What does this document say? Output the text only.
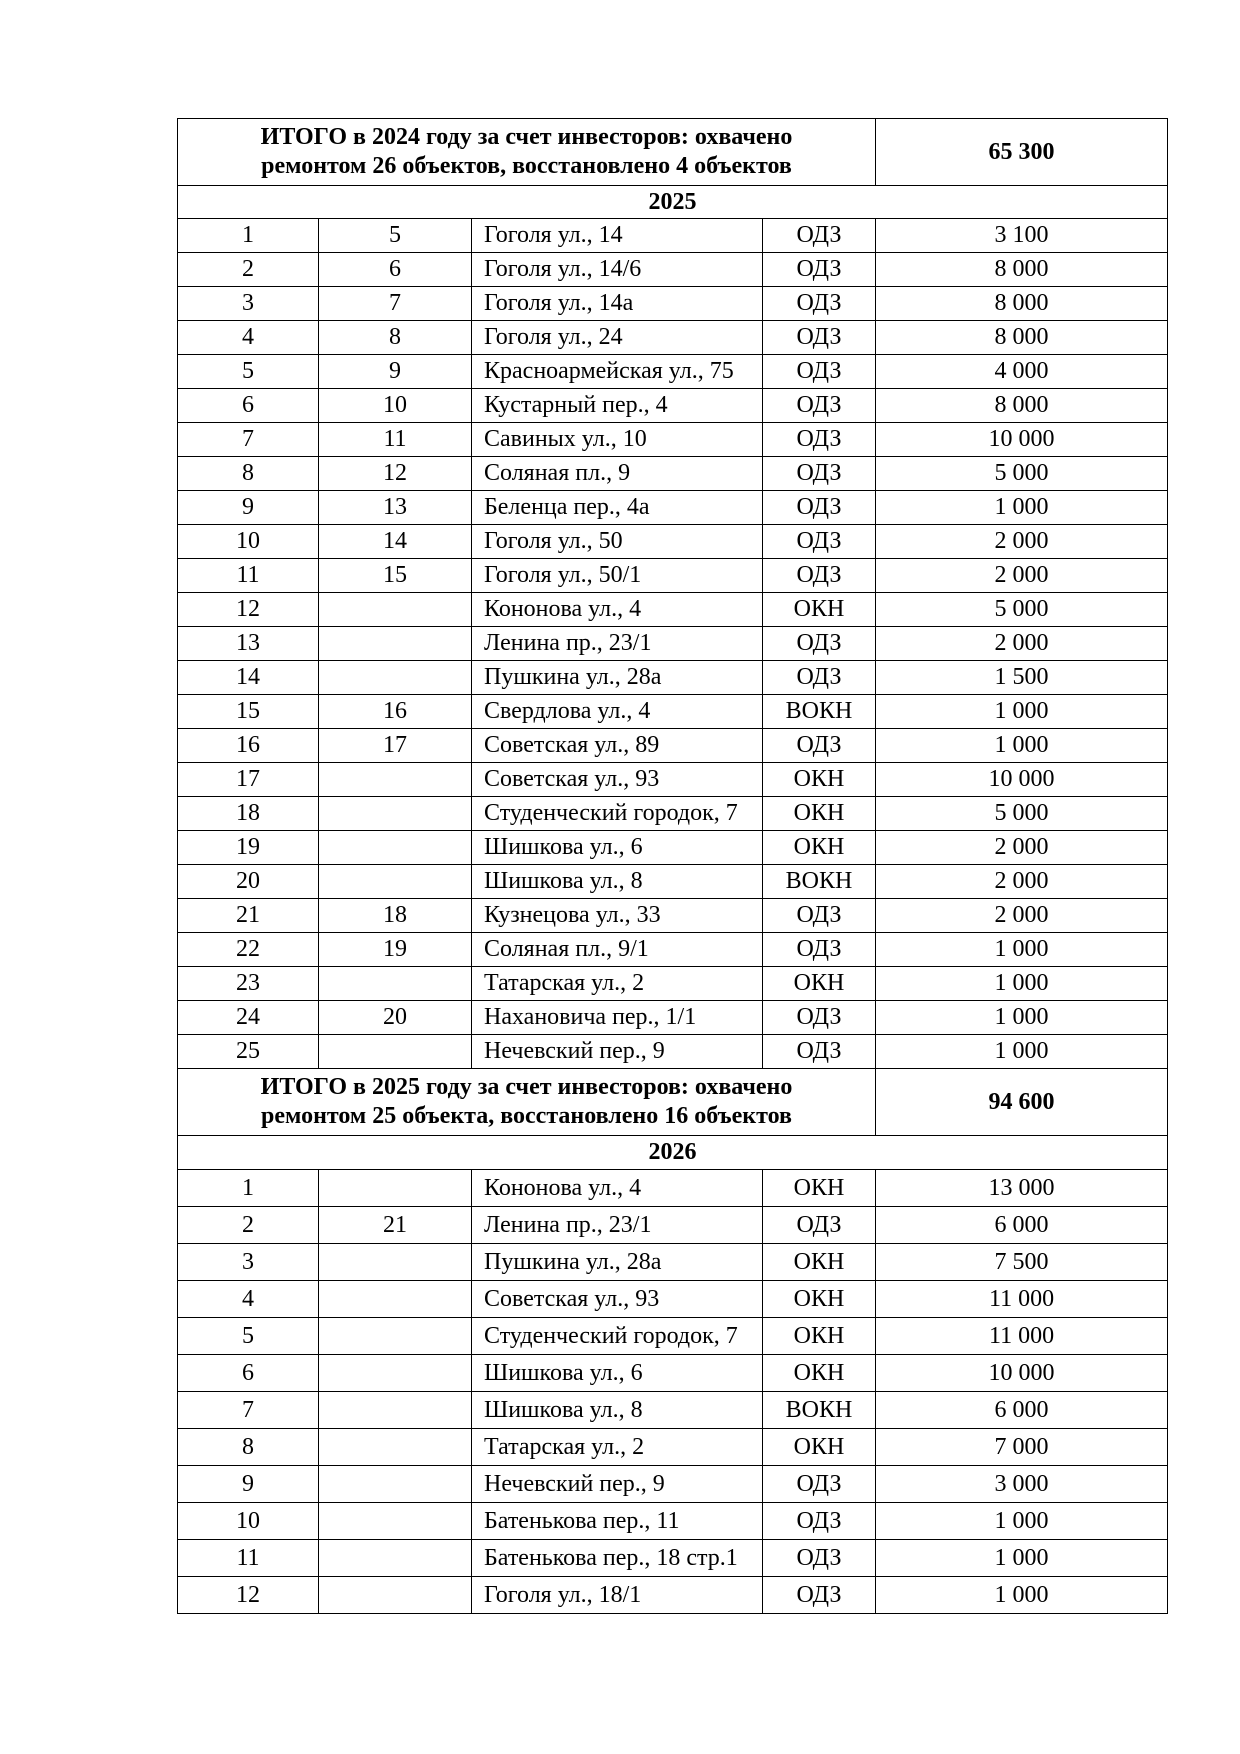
ИТОГО в 2024 году за счет инвесторов: охвачено ремонтом 26 объектов, восстановлено 4 объектов				65 300
2025				
1	5	Гоголя ул., 14	ОДЗ	3 100
2	6	Гоголя ул., 14/6	ОДЗ	8 000
3	7	Гоголя ул., 14а	ОДЗ	8 000
4	8	Гоголя ул., 24	ОДЗ	8 000
5	9	Красноармейская ул., 75	ОДЗ	4 000
6	10	Кустарный пер., 4	ОДЗ	8 000
7	11	Савиных ул., 10	ОДЗ	10 000
8	12	Соляная пл., 9	ОДЗ	5 000
9	13	Беленца пер., 4а	ОДЗ	1 000
10	14	Гоголя ул., 50	ОДЗ	2 000
11	15	Гоголя ул., 50/1	ОДЗ	2 000
12		Кононова ул., 4	ОКН	5 000
13		Ленина пр., 23/1	ОДЗ	2 000
14		Пушкина ул., 28а	ОДЗ	1 500
15	16	Свердлова ул., 4	ВОКН	1 000
16	17	Советская ул., 89	ОДЗ	1 000
17		Советская ул., 93	ОКН	10 000
18		Студенческий городок, 7	ОКН	5 000
19		Шишкова ул., 6	ОКН	2 000
20		Шишкова ул., 8	ВОКН	2 000
21	18	Кузнецова ул., 33	ОДЗ	2 000
22	19	Соляная пл., 9/1	ОДЗ	1 000
23		Татарская ул., 2	ОКН	1 000
24	20	Нахановича пер., 1/1	ОДЗ	1 000
25		Нечевский пер., 9	ОДЗ	1 000
ИТОГО в 2025 году за счет инвесторов: охвачено ремонтом 25 объекта, восстановлено 16 объектов				94 600
2026				
1		Кононова ул., 4	ОКН	13 000
2	21	Ленина пр., 23/1	ОДЗ	6 000
3		Пушкина ул., 28а	ОКН	7 500
4		Советская ул., 93	ОКН	11 000
5		Студенческий городок, 7	ОКН	11 000
6		Шишкова ул., 6	ОКН	10 000
7		Шишкова ул., 8	ВОКН	6 000
8		Татарская ул., 2	ОКН	7 000
9		Нечевский пер., 9	ОДЗ	3 000
10		Батенькова пер., 11	ОДЗ	1 000
11		Батенькова пер., 18 стр.1	ОДЗ	1 000
12		Гоголя ул., 18/1	ОДЗ	1 000
